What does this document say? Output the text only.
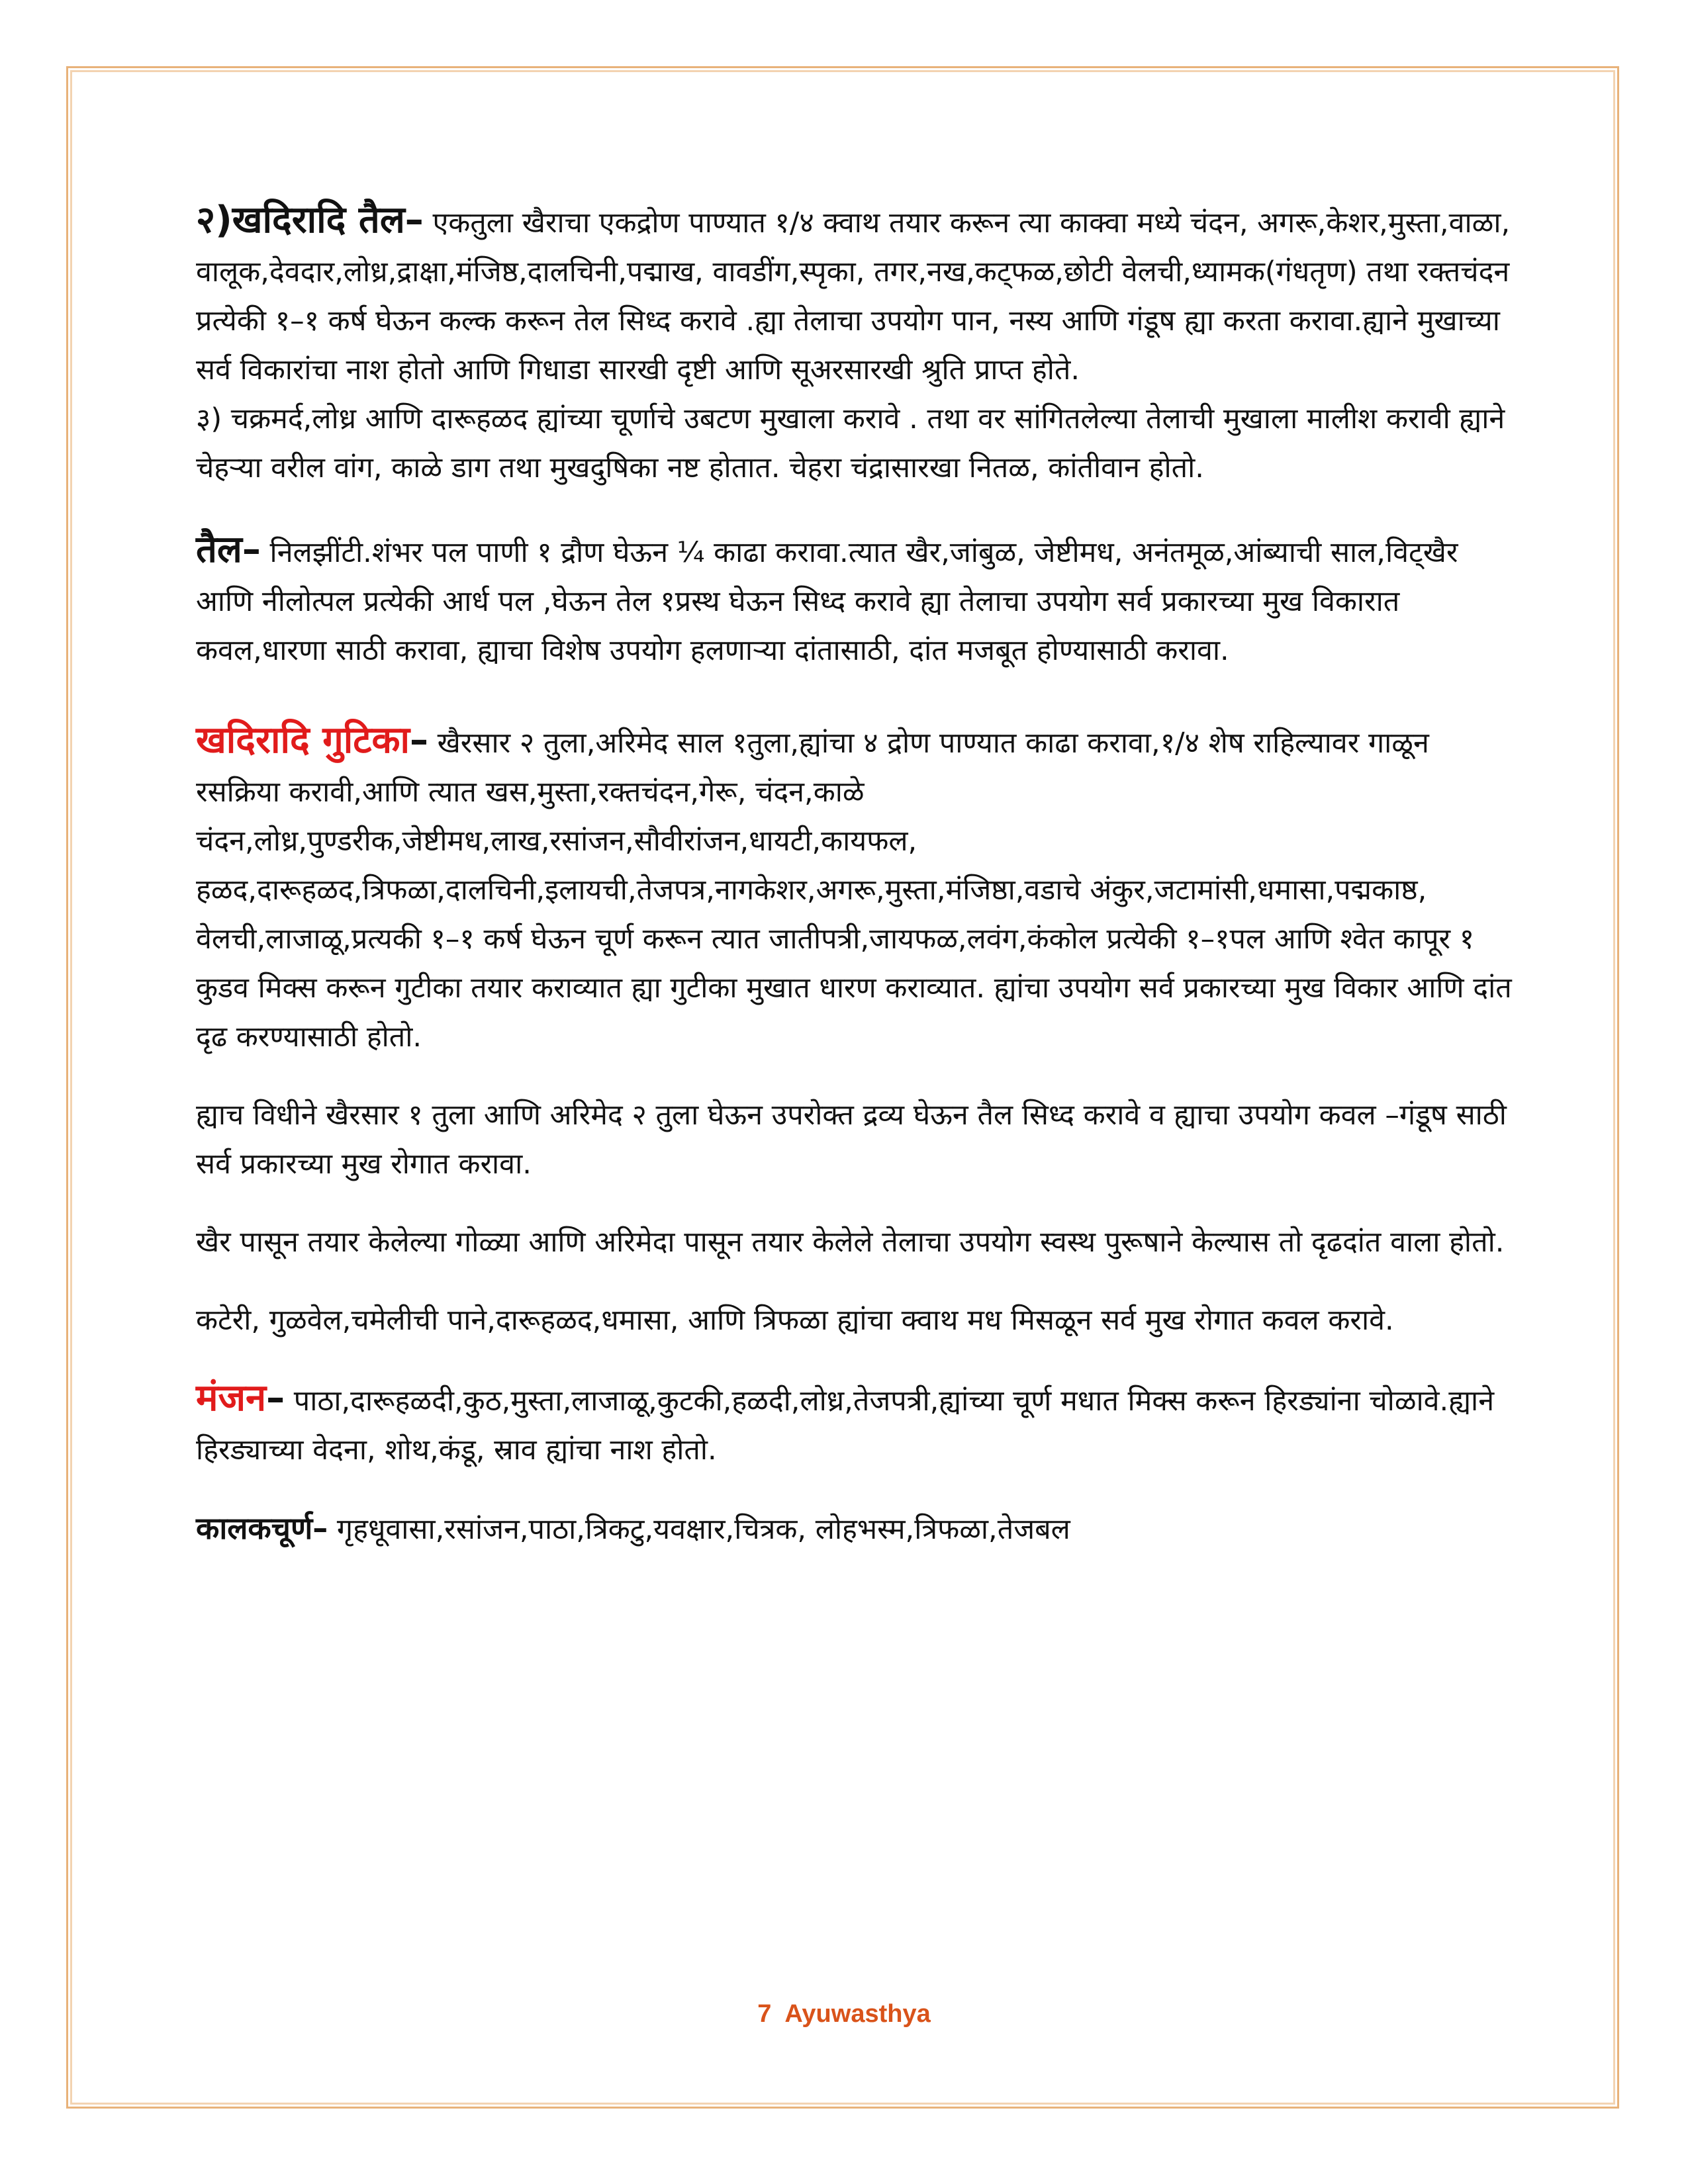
२)खदिरादि तैल– एकतुला खैराचा एकद्रोण पाण्यात १/४ क्वाथ तयार करून त्या काक्वा मध्ये चंदन, अगरू,केशर,मुस्ता,वाळा, वालूक,देवदार,लोध्र,द्राक्षा,मंजिष्ठ,दालचिनी,पद्माख, वावडींग,स्पृका, तगर,नख,कट्फळ,छोटी वेलची,ध्यामक(गंधतृण) तथा रक्तचंदन प्रत्येकी १–१ कर्ष घेऊन कल्क करून तेल सिध्द करावे .ह्या तेलाचा उपयोग पान, नस्य आणि गंडूष ह्या करता करावा.ह्याने मुखाच्या सर्व विकारांचा नाश होतो आणि गिधाडा सारखी दृष्टी आणि सूअरसारखी श्रुति प्राप्त होते.

३) चक्रमर्द,लोध्र आणि दारूहळद ह्यांच्या चूर्णाचे उबटण मुखाला करावे . तथा वर सांगितलेल्या तेलाची मुखाला मालीश करावी ह्याने चेहऱ्या वरील वांग, काळे डाग तथा मुखदुषिका नष्ट होतात. चेहरा चंद्रासारखा नितळ, कांतीवान होतो.

तैल– निलझींटी.शंभर पल पाणी १ द्रौण घेऊन ¼ काढा करावा.त्यात खैर,जांबुळ, जेष्टीमध, अनंतमूळ,आंब्याची साल,विट्खैर आणि नीलोत्पल प्रत्येकी आर्ध पल ,घेऊन तेल १प्रस्थ घेऊन सिध्द करावे ह्या तेलाचा उपयोग सर्व प्रकारच्या मुख विकारात कवल,धारणा साठी करावा, ह्याचा विशेष उपयोग हलणाऱ्या दांतासाठी, दांत मजबूत होण्यासाठी करावा.

खदिरादि गुटिका– खैरसार २ तुला,अरिमेद साल १तुला,ह्यांचा ४ द्रोण पाण्यात काढा करावा,१/४ शेष राहिल्यावर गाळून रसक्रिया करावी,आणि त्यात खस,मुस्ता,रक्तचंदन,गेरू, चंदन,काळे चंदन,लोध्र,पुण्डरीक,जेष्टीमध,लाख,रसांजन,सौवीरांजन,धायटी,कायफल, हळद,दारूहळद,त्रिफळा,दालचिनी,इलायची,तेजपत्र,नागकेशर,अगरू,मुस्ता,मंजिष्ठा,वडाचे अंकुर,जटामांसी,धमासा,पद्मकाष्ठ, वेलची,लाजाळू,प्रत्यकी १–१ कर्ष घेऊन चूर्ण करून त्यात जातीपत्री,जायफळ,लवंग,कंकोल प्रत्येकी १–१पल आणि श्वेत कापूर १ कुडव मिक्स करून गुटीका तयार कराव्यात ह्या गुटीका मुखात धारण कराव्यात. ह्यांचा उपयोग सर्व प्रकारच्या मुख विकार आणि दांत दृढ करण्यासाठी होतो.

ह्याच विधीने खैरसार १ तुला आणि अरिमेद २ तुला घेऊन उपरोक्त द्रव्य घेऊन तैल सिध्द करावे व ह्याचा उपयोग कवल –गंडूष साठी सर्व प्रकारच्या मुख रोगात करावा.

खैर पासून तयार केलेल्या गोळ्या आणि अरिमेदा पासून तयार केलेले तेलाचा उपयोग स्वस्थ पुरूषाने केल्यास तो दृढदांत वाला होतो.

कटेरी, गुळवेल,चमेलीची पाने,दारूहळद,धमासा, आणि त्रिफळा ह्यांचा क्वाथ मध मिसळून सर्व मुख रोगात कवल करावे.

मंजन– पाठा,दारूहळदी,कुठ,मुस्ता,लाजाळू,कुटकी,हळदी,लोध्र,तेजपत्री,ह्यांच्या चूर्ण मधात मिक्स करून हिरड्यांना चोळावे.ह्याने हिरड्याच्या वेदना, शोथ,कंडू, स्राव ह्यांचा नाश होतो.

कालकचूर्ण– गृहधूवासा,रसांजन,पाठा,त्रिकटु,यवक्षार,चित्रक, लोहभस्म,त्रिफळा,तेजबल

7 Ayuwasthya
